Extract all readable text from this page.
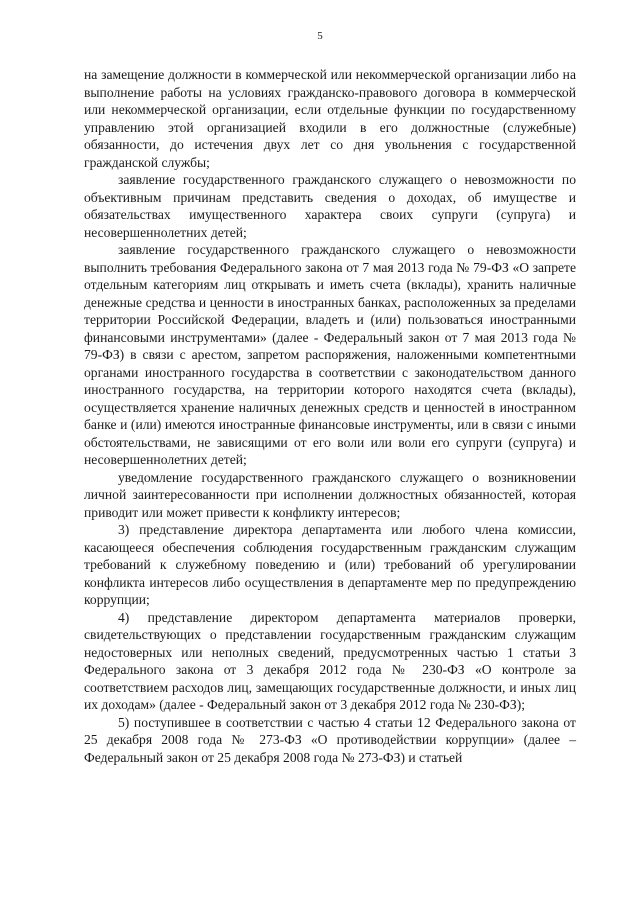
5

на замещение должности в коммерческой или некоммерческой организации либо на выполнение работы на условиях гражданско-правового договора в коммерческой или некоммерческой организации, если отдельные функции по государственному управлению этой организацией входили в его должностные (служебные) обязанности, до истечения двух лет со дня увольнения с государственной гражданской службы;

заявление государственного гражданского служащего о невозможности по объективным причинам представить сведения о доходах, об имуществе и обязательствах имущественного характера своих супруги (супруга) и несовершеннолетних детей;

заявление государственного гражданского служащего о невозможности выполнить требования Федерального закона от 7 мая 2013 года № 79-ФЗ «О запрете отдельным категориям лиц открывать и иметь счета (вклады), хранить наличные денежные средства и ценности в иностранных банках, расположенных за пределами территории Российской Федерации, владеть и (или) пользоваться иностранными финансовыми инструментами» (далее - Федеральный закон от 7 мая 2013 года № 79-ФЗ) в связи с арестом, запретом распоряжения, наложенными компетентными органами иностранного государства в соответствии с законодательством данного иностранного государства, на территории которого находятся счета (вклады), осуществляется хранение наличных денежных средств и ценностей в иностранном банке и (или) имеются иностранные финансовые инструменты, или в связи с иными обстоятельствами, не зависящими от его воли или воли его супруги (супруга) и несовершеннолетних детей;

уведомление государственного гражданского служащего о возникновении личной заинтересованности при исполнении должностных обязанностей, которая приводит или может привести к конфликту интересов;

3) представление директора департамента или любого члена комиссии, касающееся обеспечения соблюдения государственным гражданским служащим требований к служебному поведению и (или) требований об урегулировании конфликта интересов либо осуществления в департаменте мер по предупреждению коррупции;

4) представление директором департамента материалов проверки, свидетельствующих о представлении государственным гражданским служащим недостоверных или неполных сведений, предусмотренных частью 1 статьи 3 Федерального закона от 3 декабря 2012 года № 230-ФЗ «О контроле за соответствием расходов лиц, замещающих государственные должности, и иных лиц их доходам» (далее - Федеральный закон от 3 декабря 2012 года № 230-ФЗ);

5) поступившее в соответствии с частью 4 статьи 12 Федерального закона от 25 декабря 2008 года № 273-ФЗ «О противодействии коррупции» (далее – Федеральный закон от 25 декабря 2008 года № 273-ФЗ) и статьей
